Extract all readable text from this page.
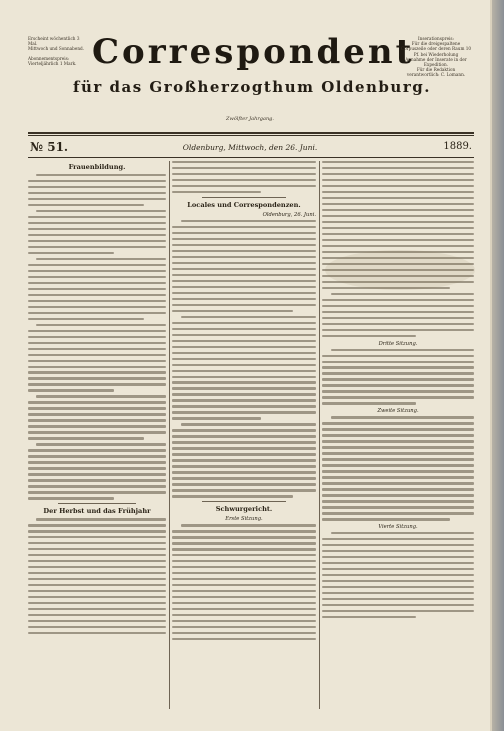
Erscheint wöchentlich 3 Mal.
Mittwoch und Sonnabend.
Abonnementspreis:
Vierteljährlich 1 Mark. Correspondent Inserationspreis:
Für die dreigespaltene Corpuszeile oder deren Raum 10 Pf. bei Wiederholung
Annahme der Inserate in der Expedition.
Für die Redaktion verantwortlich: C. Lomann.
für das Großherzogthum Oldenburg.
Zwölfter Jahrgang.
№ 51.	Oldenburg, Mittwoch, den 26. Juni.	1889.
Frauenbildung.
Der Herbst und das Frühjahr
Locales und Correspondenzen.
Oldenburg, 26. Juni.
Schwurgericht.
Erste Sitzung.
Dritte Sitzung.
Zweite Sitzung.
Vierte Sitzung.
